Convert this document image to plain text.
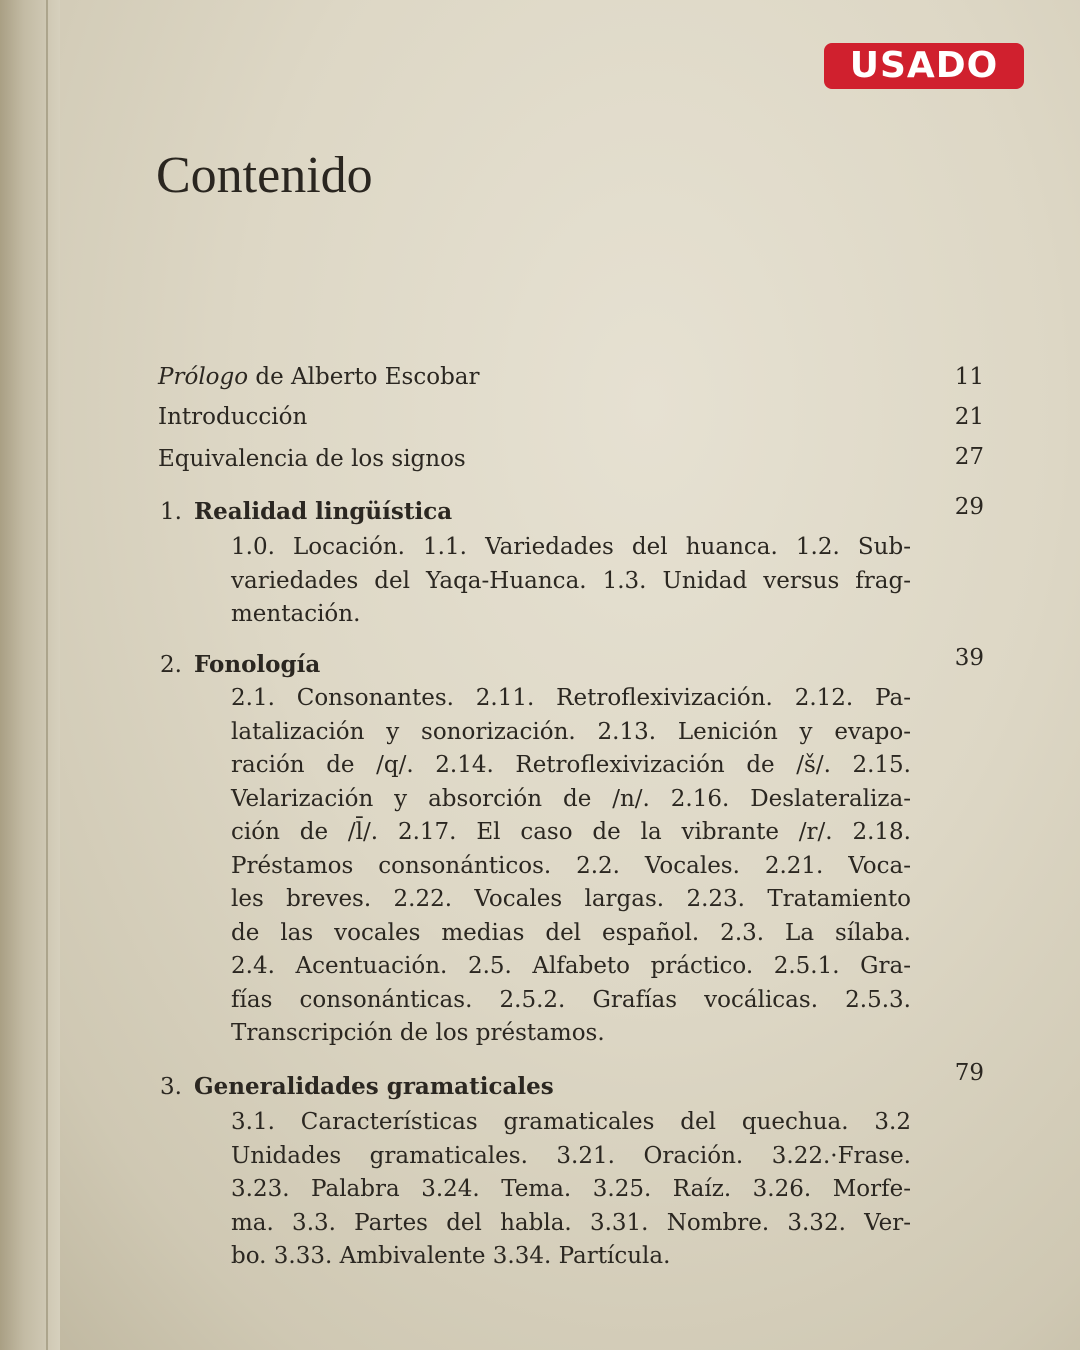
USADO
Contenido
Prólogo de Alberto Escobar	11
Introducción	21
Equivalencia de los signos	27
1. Realidad lingüística	29
1.0. Locación. 1.1. Variedades del huanca. 1.2. Sub-
variedades del Yaqa-Huanca. 1.3. Unidad versus frag-
mentación.
2. Fonología	39
2.1. Consonantes. 2.11. Retroflexivización. 2.12. Pa-
latalización y sonorización. 2.13. Lenición y evapo-
ración de /q/. 2.14. Retroflexivización de /š/. 2.15.
Velarización y absorción de /n/. 2.16. Deslateraliza-
ción de /l̄/. 2.17. El caso de la vibrante /r/. 2.18.
Préstamos consonánticos. 2.2. Vocales. 2.21. Voca-
les breves. 2.22. Vocales largas. 2.23. Tratamiento
de las vocales medias del español. 2.3. La sílaba.
2.4. Acentuación. 2.5. Alfabeto práctico. 2.5.1. Gra-
fías consonánticas. 2.5.2. Grafías vocálicas. 2.5.3.
Transcripción de los préstamos.
3. Generalidades gramaticales	79
3.1. Características gramaticales del quechua. 3.2
Unidades gramaticales. 3.21. Oración. 3.22.·Frase.
3.23. Palabra 3.24. Tema. 3.25. Raíz. 3.26. Morfe-
ma. 3.3. Partes del habla. 3.31. Nombre. 3.32. Ver-
bo. 3.33. Ambivalente 3.34. Partícula.
